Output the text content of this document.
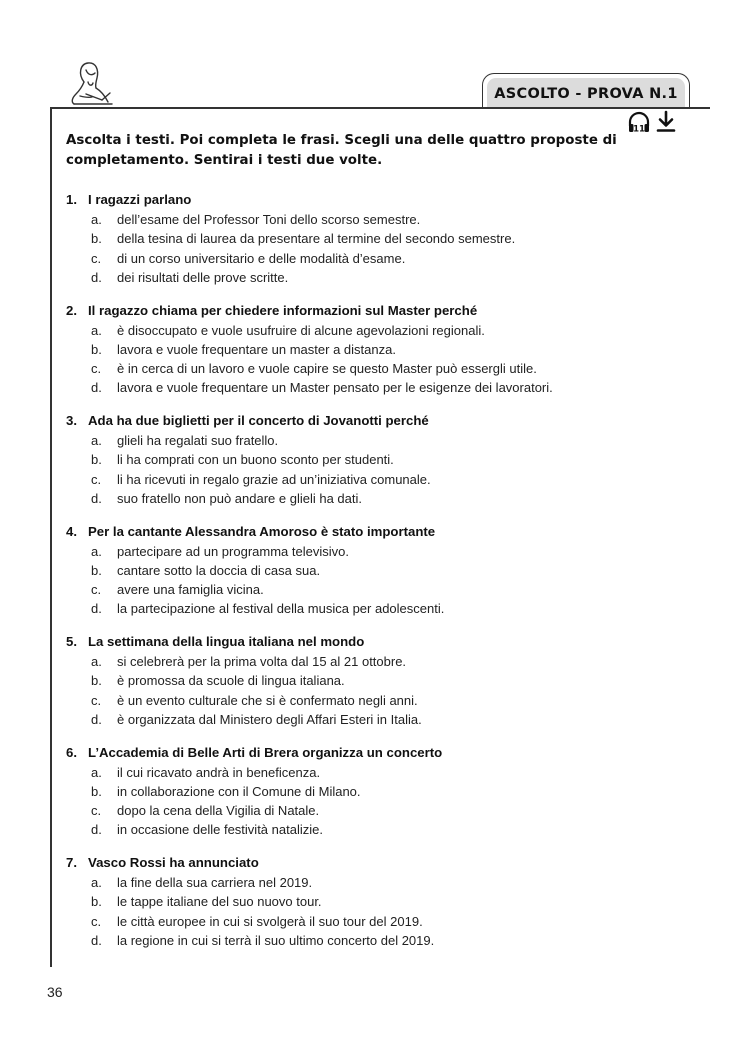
ASCOLTO - PROVA N.1
11
Ascolta i testi. Poi completa le frasi. Scegli una delle quattro proposte di completamento. Sentirai i testi due volte.
1. I ragazzi parlano
a.	dell’esame del Professor Toni dello scorso semestre.
b.	della tesina di laurea da presentare al termine del secondo semestre.
c.	di un corso universitario e delle modalità d’esame.
d.	dei risultati delle prove scritte.
2. Il ragazzo chiama per chiedere informazioni sul Master perché
a.	è disoccupato e vuole usufruire di alcune agevolazioni regionali.
b.	lavora e vuole frequentare un master a distanza.
c.	è in cerca di un lavoro e vuole capire se questo Master può essergli utile.
d.	lavora e vuole frequentare un Master pensato per le esigenze dei lavoratori.
3. Ada ha due biglietti per il concerto di Jovanotti perché
a.	glieli ha regalati suo fratello.
b.	li ha comprati con un buono sconto per studenti.
c.	li ha ricevuti in regalo grazie ad un’iniziativa comunale.
d.	suo fratello non può andare e glieli ha dati.
4. Per la cantante Alessandra Amoroso è stato importante
a.	partecipare ad un programma televisivo.
b.	cantare sotto la doccia di casa sua.
c.	avere una famiglia vicina.
d.	la partecipazione al festival della musica per adolescenti.
5. La settimana della lingua italiana nel mondo
a.	si celebrerà per la prima volta dal 15 al 21 ottobre.
b.	è promossa da scuole di lingua italiana.
c.	è un evento culturale che si è confermato negli anni.
d.	è organizzata dal Ministero degli Affari Esteri in Italia.
6. L’Accademia di Belle Arti di Brera organizza un concerto
a.	il cui ricavato andrà in beneficenza.
b.	in collaborazione con il Comune di Milano.
c.	dopo la cena della Vigilia di Natale.
d.	in occasione delle festività natalizie.
7. Vasco Rossi ha annunciato
a.	la fine della sua carriera nel 2019.
b.	le tappe italiane del suo nuovo tour.
c.	le città europee in cui si svolgerà il suo tour del 2019.
d.	la regione in cui si terrà il suo ultimo concerto del 2019.
36
